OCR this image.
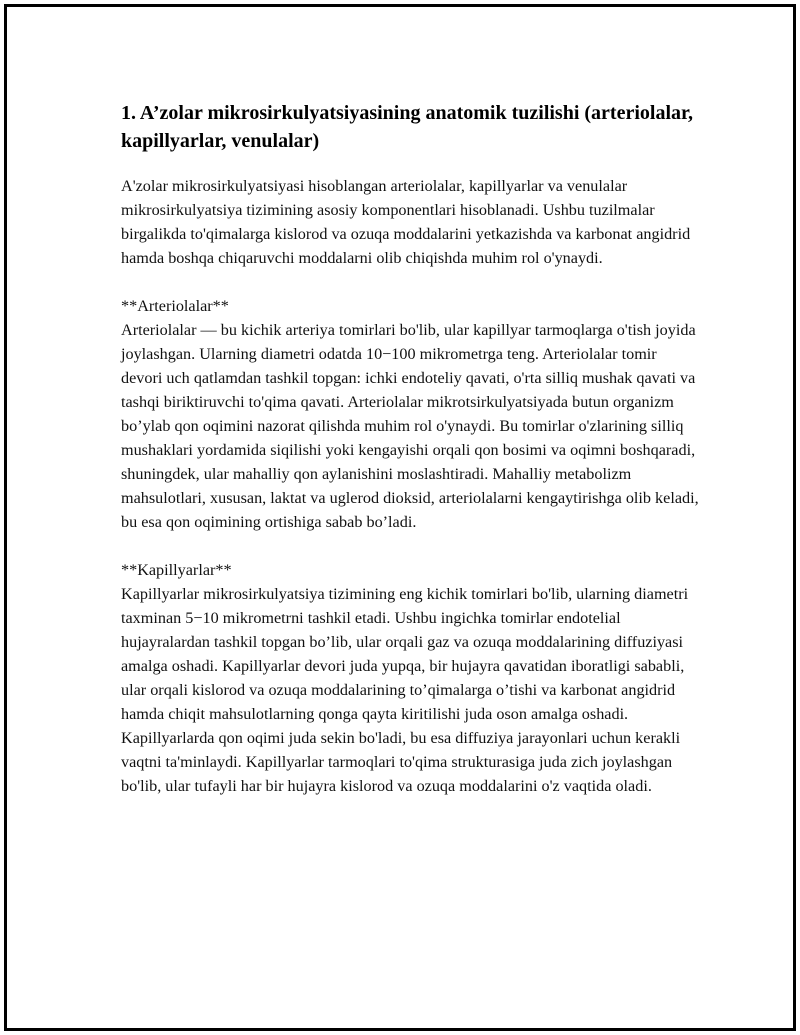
1. A’zolar mikrosirkulyatsiyasining anatomik tuzilishi (arteriolalar, kapillyarlar, venulalar)

A'zolar mikrosirkulyatsiyasi hisoblangan arteriolalar, kapillyarlar va venulalar mikrosirkulyatsiya tizimining asosiy komponentlari hisoblanadi. Ushbu tuzilmalar birgalikda to'qimalarga kislorod va ozuqa moddalarini yetkazishda va karbonat angidrid hamda boshqa chiqaruvchi moddalarni olib chiqishda muhim rol o'ynaydi.

**Arteriolalar**

Arteriolalar — bu kichik arteriya tomirlari bo'lib, ular kapillyar tarmoqlarga o'tish joyida joylashgan. Ularning diametri odatda 10−100 mikrometrga teng. Arteriolalar tomir devori uch qatlamdan tashkil topgan: ichki endoteliy qavati, o'rta silliq mushak qavati va tashqi biriktiruvchi to'qima qavati. Arteriolalar mikrotsirkulyatsiyada butun organizm bo’ylab qon oqimini nazorat qilishda muhim rol o'ynaydi. Bu tomirlar o'zlarining silliq mushaklari yordamida siqilishi yoki kengayishi orqali qon bosimi va oqimni boshqaradi, shuningdek, ular mahalliy qon aylanishini moslashtiradi. Mahalliy metabolizm mahsulotlari, xususan, laktat va uglerod dioksid, arteriolalarni kengaytirishga olib keladi, bu esa qon oqimining ortishiga sabab bo’ladi.

**Kapillyarlar**

Kapillyarlar mikrosirkulyatsiya tizimining eng kichik tomirlari bo'lib, ularning diametri taxminan 5−10 mikrometrni tashkil etadi. Ushbu ingichka tomirlar endotelial hujayralardan tashkil topgan bo’lib, ular orqali gaz va ozuqa moddalarining diffuziyasi amalga oshadi. Kapillyarlar devori juda yupqa, bir hujayra qavatidan iboratligi sababli, ular orqali kislorod va ozuqa moddalarining to’qimalarga o’tishi va karbonat angidrid hamda chiqit mahsulotlarning qonga qayta kiritilishi juda oson amalga oshadi. Kapillyarlarda qon oqimi juda sekin bo'ladi, bu esa diffuziya jarayonlari uchun kerakli vaqtni ta'minlaydi. Kapillyarlar tarmoqlari to'qima strukturasiga juda zich joylashgan bo'lib, ular tufayli har bir hujayra kislorod va ozuqa moddalarini o'z vaqtida oladi.
